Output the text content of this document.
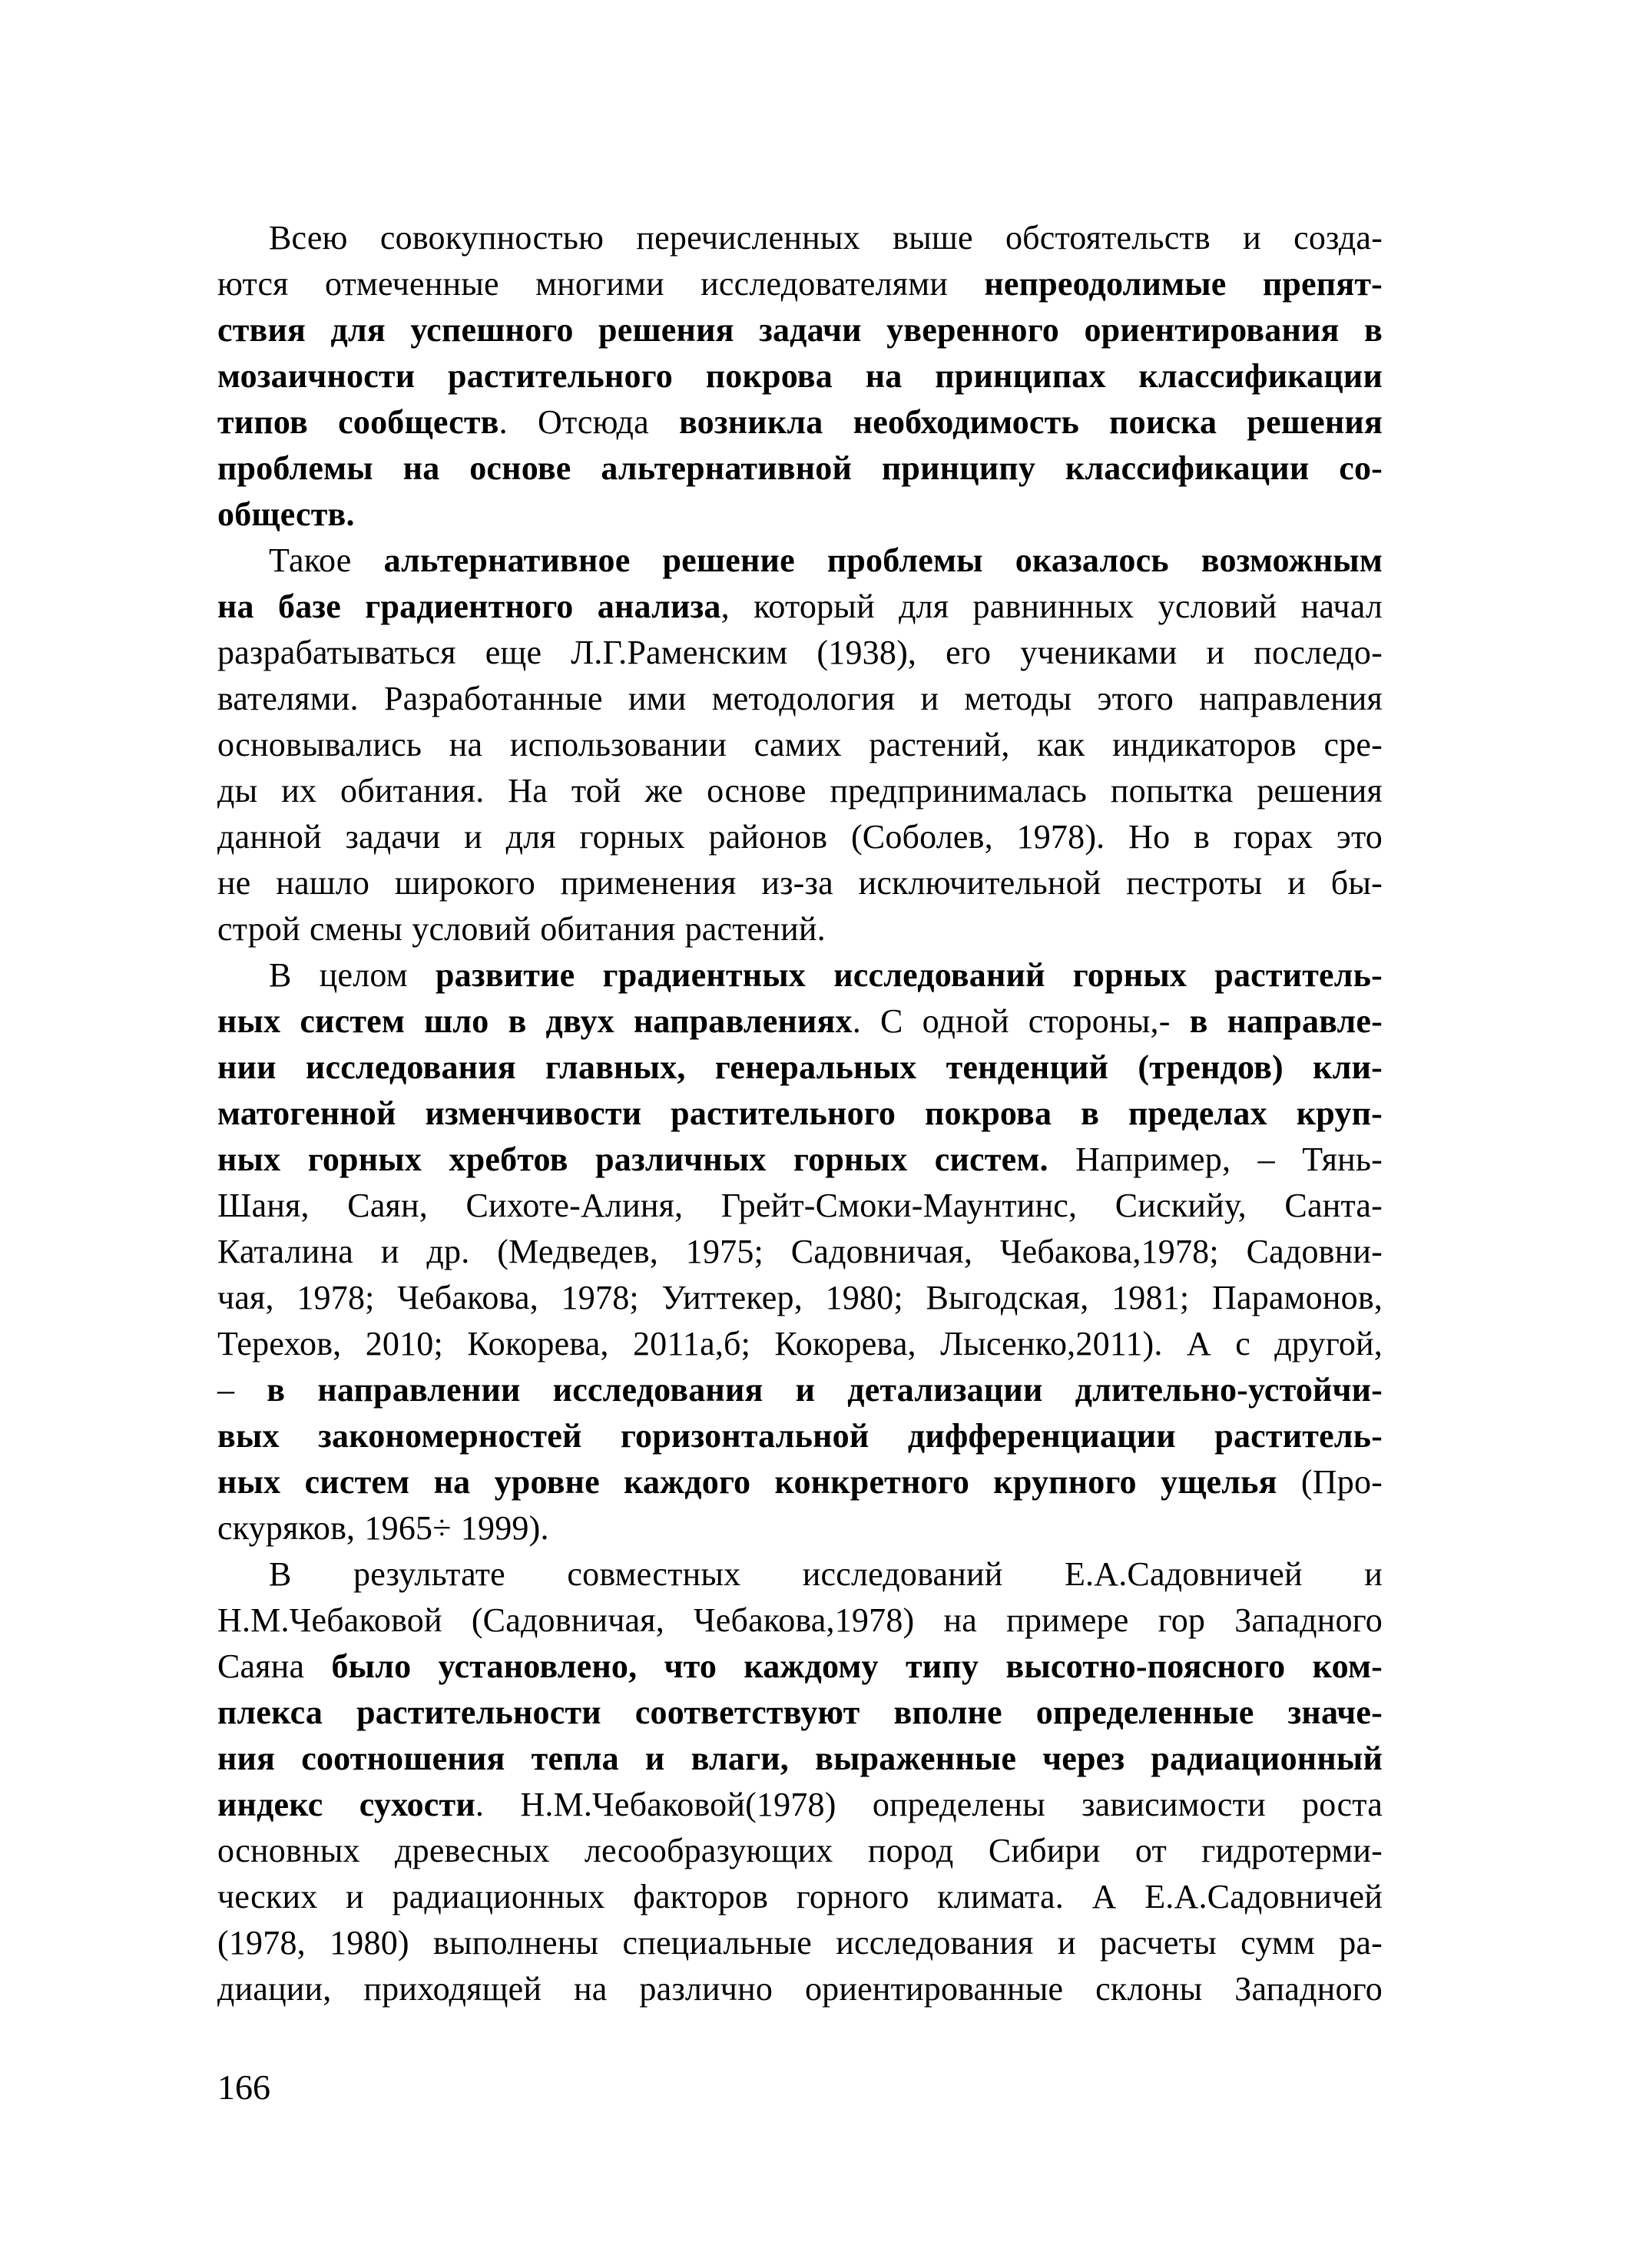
Всею совокупностью перечисленных выше обстоятельств и созда-
ются отмеченные многими исследователями непреодолимые препят-
ствия для успешного решения задачи уверенного ориентирования в
мозаичности растительного покрова на принципах классификации
типов сообществ. Отсюда возникла необходимость поиска решения
проблемы на основе альтернативной принципу классификации со-
обществ.
Такое альтернативное решение проблемы оказалось возможным
на базе градиентного анализа, который для равнинных условий начал
разрабатываться еще Л.Г.Раменским (1938), его учениками и последо-
вателями. Разработанные ими методология и методы этого направления
основывались на использовании самих растений, как индикаторов сре-
ды их обитания. На той же основе предпринималась попытка решения
данной задачи и для горных районов (Соболев, 1978). Но в горах это
не нашло широкого применения из-за исключительной пестроты и бы-
строй смены условий обитания растений.
В целом развитие градиентных исследований горных раститель-
ных систем шло в двух направлениях. С одной стороны,- в направле-
нии исследования главных, генеральных тенденций (трендов) кли-
матогенной изменчивости растительного покрова в пределах круп-
ных горных хребтов различных горных систем. Например, – Тянь-
Шаня, Саян, Сихоте-Алиня, Грейт-Смоки-Маунтинс, Сискийу, Санта-
Каталина и др. (Медведев, 1975; Садовничая, Чебакова,1978; Садовни-
чая, 1978; Чебакова, 1978; Уиттекер, 1980; Выгодская, 1981; Парамонов,
Терехов, 2010; Кокорева, 2011а,б; Кокорева, Лысенко,2011). А с другой,
– в направлении исследования и детализации длительно-устойчи-
вых закономерностей горизонтальной дифференциации раститель-
ных систем на уровне каждого конкретного крупного ущелья (Про-
скуряков, 1965÷ 1999).
В результате совместных исследований Е.А.Садовничей и
Н.М.Чебаковой (Садовничая, Чебакова,1978) на примере гор Западного
Саяна было установлено, что каждому типу высотно-поясного ком-
плекса растительности соответствуют вполне определенные значе-
ния соотношения тепла и влаги, выраженные через радиационный
индекс сухости. Н.М.Чебаковой(1978) определены зависимости роста
основных древесных лесообразующих пород Сибири от гидротерми-
ческих и радиационных факторов горного климата. А Е.А.Садовничей
(1978, 1980) выполнены специальные исследования и расчеты сумм ра-
диации, приходящей на различно ориентированные склоны Западного
166
